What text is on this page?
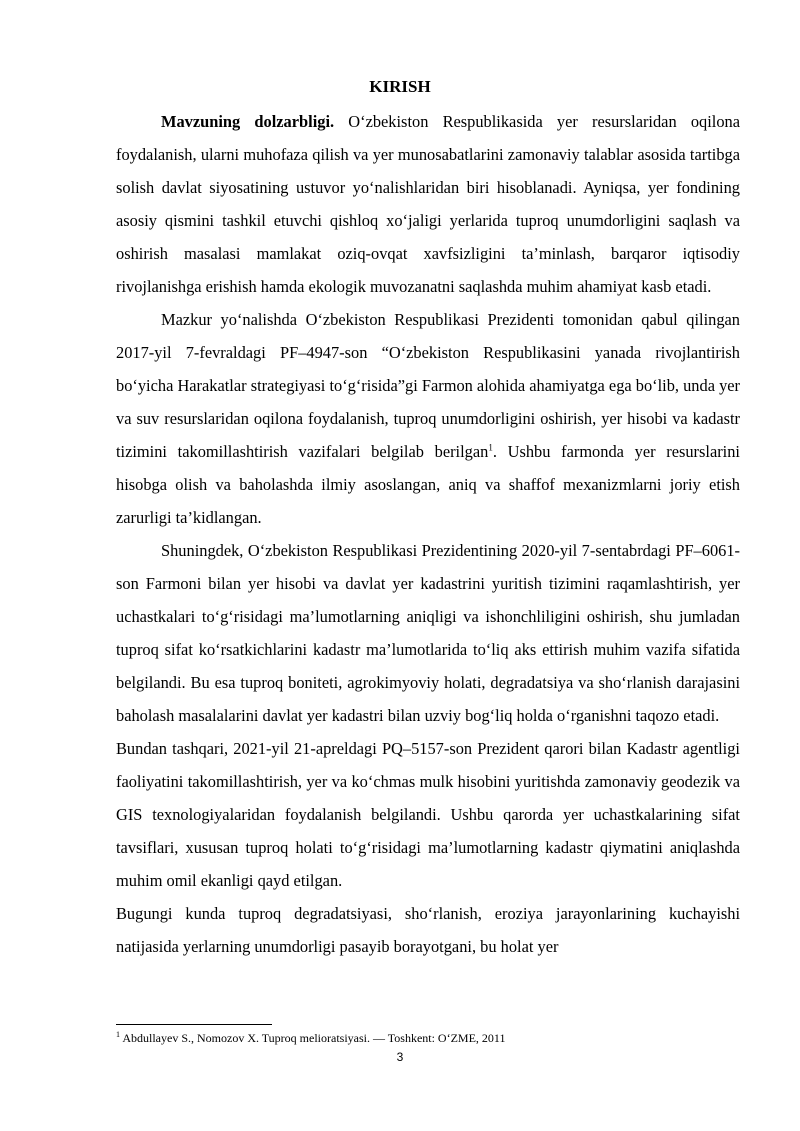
KIRISH

Mavzuning dolzarbligi. O‘zbekiston Respublikasida yer resurslaridan oqilona foydalanish, ularni muhofaza qilish va yer munosabatlarini zamonaviy talablar asosida tartibga solish davlat siyosatining ustuvor yo‘nalishlaridan biri hisoblanadi. Ayniqsa, yer fondining asosiy qismini tashkil etuvchi qishloq xo‘jaligi yerlarida tuproq unumdorligini saqlash va oshirish masalasi mamlakat oziq-ovqat xavfsizligini ta’minlash, barqaror iqtisodiy rivojlanishga erishish hamda ekologik muvozanatni saqlashda muhim ahamiyat kasb etadi.

Mazkur yo‘nalishda O‘zbekiston Respublikasi Prezidenti tomonidan qabul qilingan 2017-yil 7-fevraldagi PF–4947-son “O‘zbekiston Respublikasini yanada rivojlantirish bo‘yicha Harakatlar strategiyasi to‘g‘risida”gi Farmon alohida ahamiyatga ega bo‘lib, unda yer va suv resurslaridan oqilona foydalanish, tuproq unumdorligini oshirish, yer hisobi va kadastr tizimini takomillashtirish vazifalari belgilab berilgan$^1$. Ushbu farmonda yer resurslarini hisobga olish va baholashda ilmiy asoslangan, aniq va shaffof mexanizmlarni joriy etish zarurligi ta’kidlangan.

Shuningdek, O‘zbekiston Respublikasi Prezidentining 2020-yil 7-sentabrdagi PF–6061-son Farmoni bilan yer hisobi va davlat yer kadastrini yuritish tizimini raqamlashtirish, yer uchastkalari to‘g‘risidagi ma’lumotlarning aniqligi va ishonchliligini oshirish, shu jumladan tuproq sifat ko‘rsatkichlarini kadastr ma’lumotlarida to‘liq aks ettirish muhim vazifa sifatida belgilandi. Bu esa tuproq boniteti, agrokimyoviy holati, degradatsiya va sho‘rlanish darajasini baholash masalalarini davlat yer kadastri bilan uzviy bog‘liq holda o‘rganishni taqozo etadi.

Bundan tashqari, 2021-yil 21-apreldagi PQ–5157-son Prezident qarori bilan Kadastr agentligi faoliyatini takomillashtirish, yer va ko‘chmas mulk hisobini yuritishda zamonaviy geodezik va GIS texnologiyalaridan foydalanish belgilandi. Ushbu qarorda yer uchastkalarining sifat tavsiflari, xususan tuproq holati to‘g‘risidagi ma’lumotlarning kadastr qiymatini aniqlashda muhim omil ekanligi qayd etilgan.

Bugungi kunda tuproq degradatsiyasi, sho‘rlanish, eroziya jarayonlarining kuchayishi natijasida yerlarning unumdorligi pasayib borayotgani, bu holat yer

$^1$ Abdullayev S., Nomozov X. Tuproq melioratsiyasi. — Toshkent: O‘ZME, 2011
3
